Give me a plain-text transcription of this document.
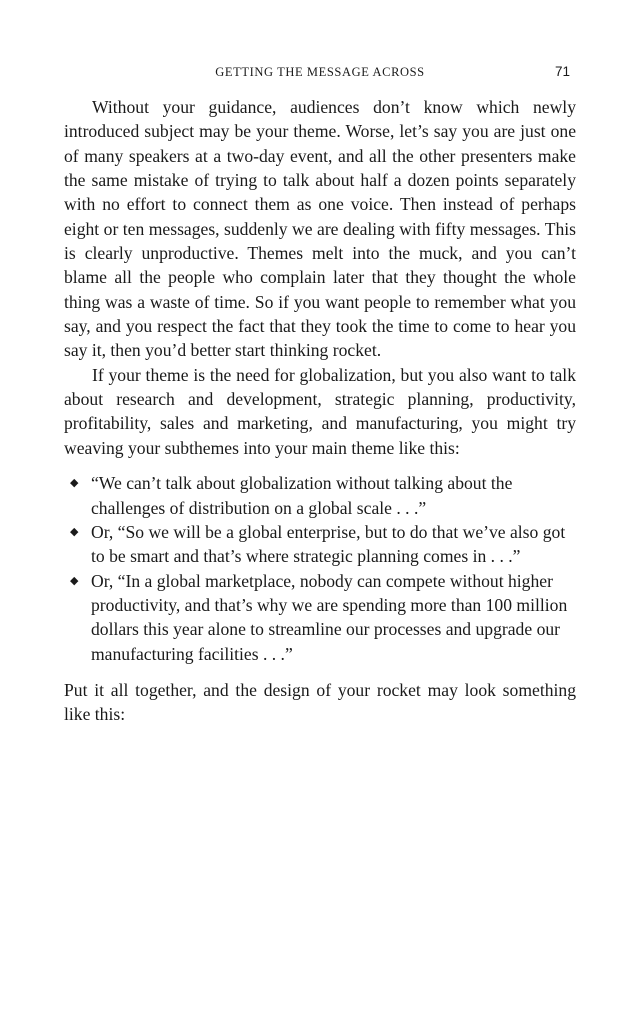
GETTING THE MESSAGE ACROSS	71

Without your guidance, audiences don’t know which newly introduced subject may be your theme. Worse, let’s say you are just one of many speakers at a two-day event, and all the other presenters make the same mistake of trying to talk about half a dozen points separately with no effort to connect them as one voice. Then instead of perhaps eight or ten messages, suddenly we are dealing with fifty messages. This is clearly unproductive. Themes melt into the muck, and you can’t blame all the people who complain later that they thought the whole thing was a waste of time. So if you want people to remember what you say, and you respect the fact that they took the time to come to hear you say it, then you’d better start thinking rocket.

If your theme is the need for globalization, but you also want to talk about research and development, strategic planning, productivity, profitability, sales and marketing, and manufacturing, you might try weaving your subthemes into your main theme like this:

◆ “We can’t talk about globalization without talking about the challenges of distribution on a global scale . . .”
◆ Or, “So we will be a global enterprise, but to do that we’ve also got to be smart and that’s where strategic planning comes in . . .”
◆ Or, “In a global marketplace, nobody can compete without higher productivity, and that’s why we are spending more than 100 million dollars this year alone to streamline our processes and upgrade our manufacturing facilities . . .”

Put it all together, and the design of your rocket may look something like this:
